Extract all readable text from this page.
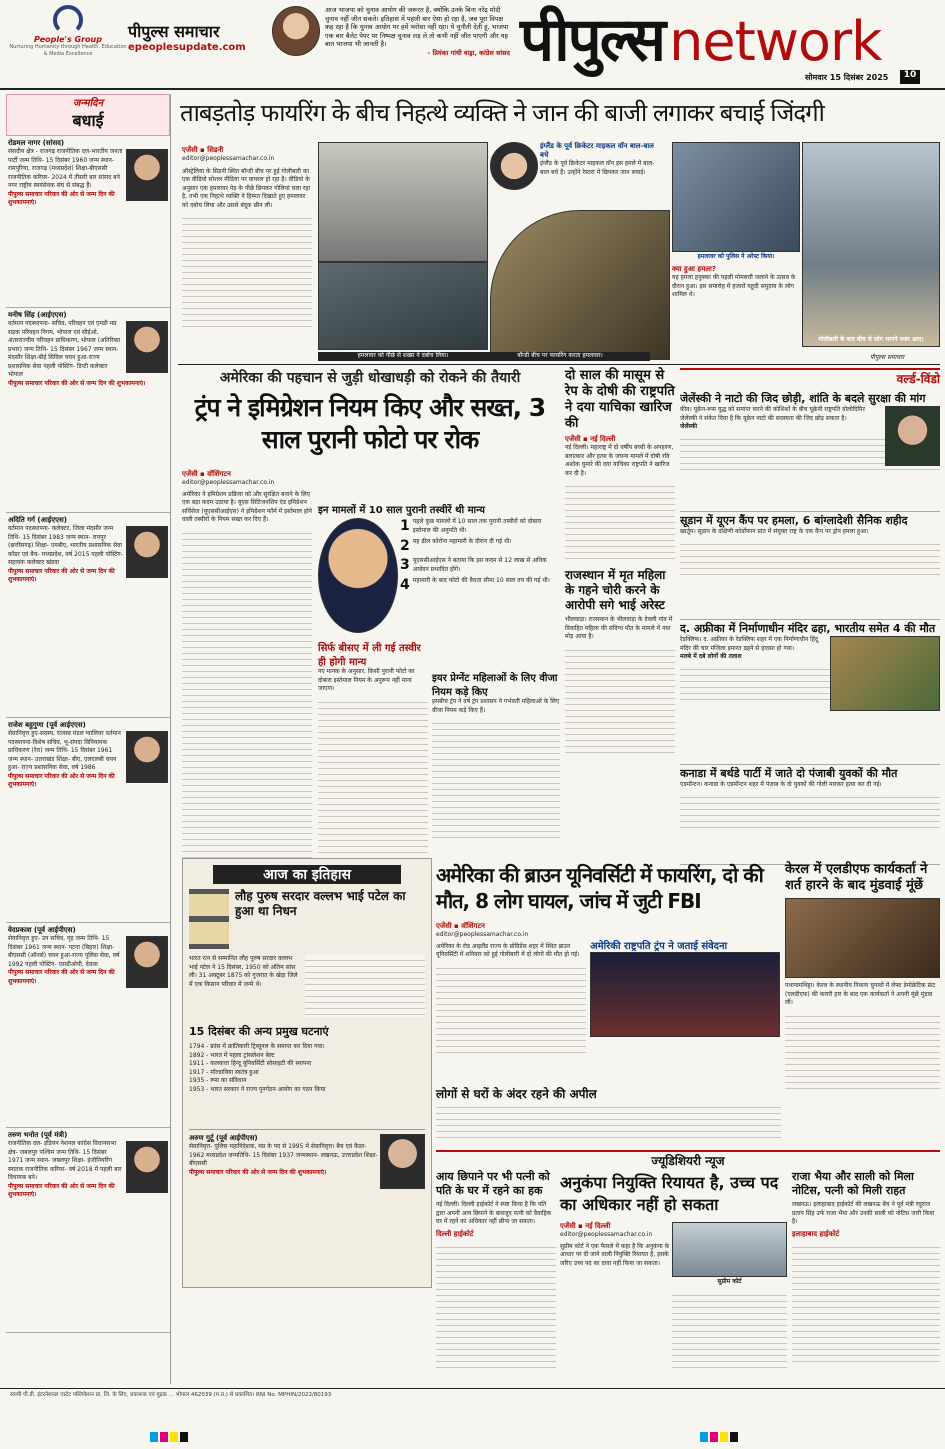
People's Group
Nurturing Humanity through Health, Education & Media Excellence
पीपुल्स समाचार
epeoplesupdate.com
आज भाजपा को चुनाव आयोग की जरूरत है, क्योंकि उनके बिना नरेंद्र मोदी चुनाव नहीं जीत सकते। इतिहास में पहली बार ऐसा हो रहा है, जब पूरा विपक्ष कह रहा है कि चुनाव आयोग पर हमें भरोसा नहीं रहा। ये चुनौती देती हूं, भाजपा एक बार बैलेट पेपर पर निष्पक्ष चुनाव लड़ ले तो कभी नहीं जीत पाएगी और यह बात भाजपा भी जानती है।
- प्रियंका गांधी वाड्रा, कांग्रेस सांसद पीपुल्स network
सोमवार 15 दिसंबर 2025	10
जन्मदिन
बधाई
रोडमल नागर (सांसद)
संसदीय क्षेत्र - राजगढ़ राजनीतिक दल-भारतीय जनता पार्टी जन्म तिथि- 15 दिसंबर 1960 जन्म स्थान-रामपुरिया, राजगढ़ (मध्यप्रदेश) शिक्षा-बीएससी राजनीतिक करियर- 2024 में तीसरी बार सांसद बने नगर राष्ट्रीय स्वयंसेवक संघ से संबद्ध हैं।
पीपुल्स समाचार परिवार की ओर से जन्म दिन की शुभकामनाएं।
मनीष सिंह (आईएएस)
वर्तमान पदस्थापना- सचिव, परिवहन एवं एमडी मप्र सड़क परिवहन निगम, भोपाल एवं सीईओ, अंतरराज्यीय परिवहन प्राधिकरण, भोपाल (अतिरिक्त प्रभार) जन्म तिथि- 15 दिसंबर 1967 जन्म स्थान- मंदसौर शिक्षा-बीई सिविल चयन हुआ-राज्य प्रशासनिक सेवा पहली पोस्टिंग- डिप्टी कलेक्टर भोपाल
पीपुल्स समाचार परिवार की ओर से जन्म दिन की शुभकामनाएं।
अदिति गर्ग (आईएएस)
वर्तमान पदस्थापना- कलेक्टर, जिला मंदसौर जन्म तिथि- 15 दिसंबर 1983 जन्म स्थान- रायपुर (छत्तीसगढ़) शिक्षा- एमबीए, भारतीय प्रशासनिक सेवा कॉडर एवं बैच- मध्यप्रदेश, वर्ष 2015 पहली पोस्टिंग-सहायक कलेक्टर खंडवा
पीपुल्स समाचार परिवार की ओर से जन्म दिन की शुभकामनाएं।
राजेश बहुगुणा (पूर्व आईएएस)
सेवानिवृत्त हुए-सदस्य, राजस्व मंडल ग्वालियर वर्तमान पदस्थापना-विशेष सचिव, भू-संपदा विनियामक प्राधिकरण (रेरा) जन्म तिथि- 15 दिसंबर 1961 जन्म स्थान- उत्तराखंड शिक्षा- बीए, एलएलबी चयन हुआ- राज्य प्रशासनिक सेवा, वर्ष 1986
पीपुल्स समाचार परिवार की ओर से जन्म दिन की शुभकामनाएं।
वेदप्रकाश (पूर्व आईपीएस)
सेवानिवृत्त हुए- उप सचिव, गृह जन्म तिथि- 15 दिसंबर 1961 जन्म स्थान- पटना (बिहार) शिक्षा- बीएससी (ऑनर्स) चयन हुआ-राज्य पुलिस सेवा, वर्ष 1992 पहली पोस्टिंग- एसडीओपी, देवास
पीपुल्स समाचार परिवार की ओर से जन्म दिन की शुभकामनाएं।
तरुण भनोत (पूर्व मंत्री)
राजनीतिक दल- इंडियन नेशनल कांग्रेस विधानसभा क्षेत्र- जबलपुर पश्चिम जन्म तिथि- 15 दिसंबर 1971 जन्म स्थान- जबलपुर शिक्षा- इंजीनियरिंग स्नातक राजनीतिक करियर- वर्ष 2018 में पहली बार विधायक बने।
पीपुल्स समाचार परिवार की ओर से जन्म दिन की शुभकामनाएं।
ताबड़तोड़ फायरिंग के बीच निहत्थे व्यक्ति ने जान की बाजी लगाकर बचाई जिंदगी
एजेंसी ▪ सिडनी
editor@peoplessamachar.co.in
ऑस्ट्रेलिया के सिडनी स्थित बॉन्डी बीच पर हुई गोलीबारी का एक वीडियो सोशल मीडिया पर वायरल हो रहा है। वीडियो के अनुसार एक हमलावर पेड़ के पीछे छिपकर गोलियां चला रहा है, तभी एक निहत्थे व्यक्ति ने हिम्मत दिखाते हुए हमलावर को दबोच लिया और उससे बंदूक छीन ली।
हमलावर को पीछे से शख्स ने दबोच लिया।
इंग्लैंड के पूर्व क्रिकेटर माइकल वॉन बाल-बाल बचे
इंग्लैंड के पूर्व क्रिकेटर माइकल वॉन इस हमले में बाल-बाल बचे हैं। उन्होंने रेस्तरां में छिपकर जान बचाई।
बॉन्डी बीच पर फायरिंग करता हमलावर।
हमलावर को पुलिस ने अरेस्ट किया।
क्या हुआ हमला?
यह हमला हनुक्का की पहली मोमबत्ती जलाने के उत्सव के दौरान हुआ। इस समारोह में हजारों यहूदी समुदाय के लोग शामिल थे।
गोलीबारी के बाद बीच से लोग भागने नजर आए।
पीपुल्स समाचार
अमेरिका की पहचान से जुड़ी धोखाधड़ी को रोकने की तैयारी
ट्रंप ने इमिग्रेशन नियम किए और सख्त, 3 साल पुरानी फोटो पर रोक
एजेंसी ▪ वॉशिंगटन
editor@peoplessamachar.co.in
अमेरिका ने इमिग्रेशन प्रक्रिया को और सुरक्षित बनाने के लिए एक बड़ा कदम उठाया है। यूएस सिटिजनशिप एंड इमिग्रेशन सर्विसेज (यूएससीआईएस) ने इमिग्रेशन फॉर्म में इस्तेमाल होने वाली तस्वीरों के नियम सख्त कर दिए हैं।
इन मामलों में 10 साल पुरानी तस्वीरें थी मान्य
1 पहले कुछ मामलों में 10 साल तक पुरानी तस्वीरों को दोबारा इस्तेमाल की अनुमति थी।
2 यह ढील कोरोना महामारी के दौरान दी गई थी।
3 यूएससीआईएस ने बताया कि इस कदम से 12 लाख से अधिक आवेदन प्रभावित होंगे।
4 महामारी के बाद फोटो की वैधता सीमा 10 साल तय की गई थी।
सिर्फ बीसए में ली गई तस्वीर ही होगी मान्य
नए मानक के अनुसार, किसी पुरानी फोटो का दोबारा इस्तेमाल नियम के अनुरूप नहीं माना जाएगा।
इयर प्रेग्नेंट महिलाओं के लिए वीजा नियम कड़े किए
इसबीच ट्रंप ने वर्ष ट्रंप प्रशासन ने गर्भवती महिलाओं के लिए वीजा नियम कड़े किए हैं।
दो साल की मासूम से रेप के दोषी की राष्ट्रपति ने दया याचिका खारिज की
एजेंसी ▪ नई दिल्ली
नई दिल्ली। महाराष्ट्र में दो वर्षीय बच्ची के अपहरण, बलात्कार और हत्या के जघन्य मामले में दोषी रवि अशोक घुमारे की दया याचिका राष्ट्रपति ने खारिज कर दी है।
राजस्थान में मृत महिला के गहने चोरी करने के आरोपी सगे भाई अरेस्ट
भीलवाड़ा। राजस्थान के भीलवाड़ा के देवली गांव में विवाहित महिला की संदिग्ध मौत के मामले में नया मोड़ आया है।
वर्ल्ड-विंडो
जेलेंस्की ने नाटो की जिद छोड़ी, शांति के बदले सुरक्षा की मांग
कीव। यूक्रेन-रूस युद्ध को समाप्त करने की कोशिशों के बीच यूक्रेनी राष्ट्रपति वोलोदिमिर जेलेंस्की ने संकेत दिया है कि यूक्रेन नाटो की सदस्यता की जिद छोड़ सकता है।
जेलेंस्की
सूडान में यूएन कैंप पर हमला, 6 बांग्लादेशी सैनिक शहीद
खार्तूम। सूडान के दक्षिणी कोर्डोफान प्रांत में संयुक्त राष्ट्र के एक कैंप पर ड्रोन हमला हुआ।
द. अफ्रीका में निर्माणाधीन मंदिर ढहा, भारतीय समेत 4 की मौत
रेडक्लिफ। द. अफ्रीका के रेडक्लिफ शहर में एक निर्माणाधीन हिंदू मंदिर की चार मंजिला इमारत ढहने से हादसा हो गया।
मलबे में दबे लोगों की तलाश
कनाडा में बर्थडे पार्टी में जाते दो पंजाबी युवकों की मौत
एडमॉन्टन। कनाडा के एडमॉन्टन शहर में पंजाब के दो युवकों की गोली मारकर हत्या कर दी गई।
आज का इतिहास
लौह पुरुष सरदार वल्लभ भाई पटेल का हुआ था निधन
भारत रत्न से सम्मानित लौह पुरुष सरदार वल्लभ भाई पटेल ने 15 दिसंबर, 1950 को अंतिम सांस ली। 31 अक्टूबर 1875 को गुजरात के खेड़ा जिले में एक किसान परिवार में जन्मे थे।
15 दिसंबर की अन्य प्रमुख घटनाएं
1794 - फ्रांस में क्रांतिकारी ट्रिब्यूनल के समाप्त कर दिया गया।
1892 - भारत में पहला ट्रांसलेशन बेल्ट
1911 - कलकत्ता हिन्दू यूनिवर्सिटी सोसाइटी की स्थापना
1917 - मॉल्डाविया स्वतंत्र हुआ
1935 - रूस का संविधान
1953 - भारत सरकार ने राज्य पुनर्गठन आयोग का गठन किया
अरुण गुर्टू (पूर्व आईपीएस)
सेवानिवृत्त- पुलिस महानिदेशक, मप्र के पद से 1995 में सेवानिवृत्त। बैच एवं कैडर- 1962 मध्यप्रदेश जन्मतिथि- 15 दिसंबर 1937 जन्मस्थान- लखनऊ, उत्तरप्रदेश शिक्षा- बीएससी
पीपुल्स समाचार परिवार की ओर से जन्म दिन की शुभकामनाएं।
अमेरिका की ब्राउन यूनिवर्सिटी में फायरिंग, दो की मौत, 8 लोग घायल, जांच में जुटी FBI
एजेंसी ▪ वॉशिंगटन
editor@peoplessamachar.co.in
अमेरिका के रोड आइलैंड राज्य के प्रोविडेंस शहर में स्थित ब्राउन यूनिवर्सिटी में शनिवार को हुई गोलीबारी में दो लोगों की मौत हो गई।
अमेरिकी राष्ट्रपति ट्रंप ने जताई संवेदना
लोगों से घरों के अंदर रहने की अपील
केरल में एलडीएफ कार्यकर्ता ने शर्त हारने के बाद मुंडवाई मूंछें
पथानामथिट्टा। केरल के स्थानीय निकाय चुनावों में लेफ्ट डेमोक्रेटिक फ्रंट (एलडीएफ) की करारी हार के बाद एक कार्यकर्ता ने अपनी मूंछें मुंडवा लीं।
ज्यूडिशियरी न्यूज
आय छिपाने पर भी पत्नी को पति के घर में रहने का हक
नई दिल्ली। दिल्ली हाईकोर्ट ने स्पष्ट किया है कि पति द्वारा अपनी आय छिपाने के बावजूद पत्नी को वैवाहिक घर में रहने का अधिकार नहीं छीना जा सकता।
दिल्ली हाईकोर्ट
अनुकंपा नियुक्ति रियायत है, उच्च पद का अधिकार नहीं हो सकता
एजेंसी ▪ नई दिल्ली
editor@peoplessamachar.co.in
सुप्रीम कोर्ट ने एक फैसले में कहा है कि अनुकंपा के आधार पर दी जाने वाली नियुक्ति रियायत है, इसके जरिए उच्च पद का दावा नहीं किया जा सकता।
सुप्रीम कोर्ट
राजा भैया और साली को मिला नोटिस, पत्नी को मिली राहत
लखनऊ। इलाहाबाद हाईकोर्ट की लखनऊ बेंच ने पूर्व मंत्री रघुराज प्रताप सिंह उर्फ राजा भैया और उनकी साली को नोटिस जारी किया है।
इलाहाबाद हाईकोर्ट
स्वामी पी.डी. इंटरनेशनल एस्टेट पब्लिकेशन प्रा. लि. के लिए, प्रकाशक एवं मुद्रक ... भोपाल 462039 (म.प्र.) से प्रकाशित। RNI No. MPHIN/2022/80193
